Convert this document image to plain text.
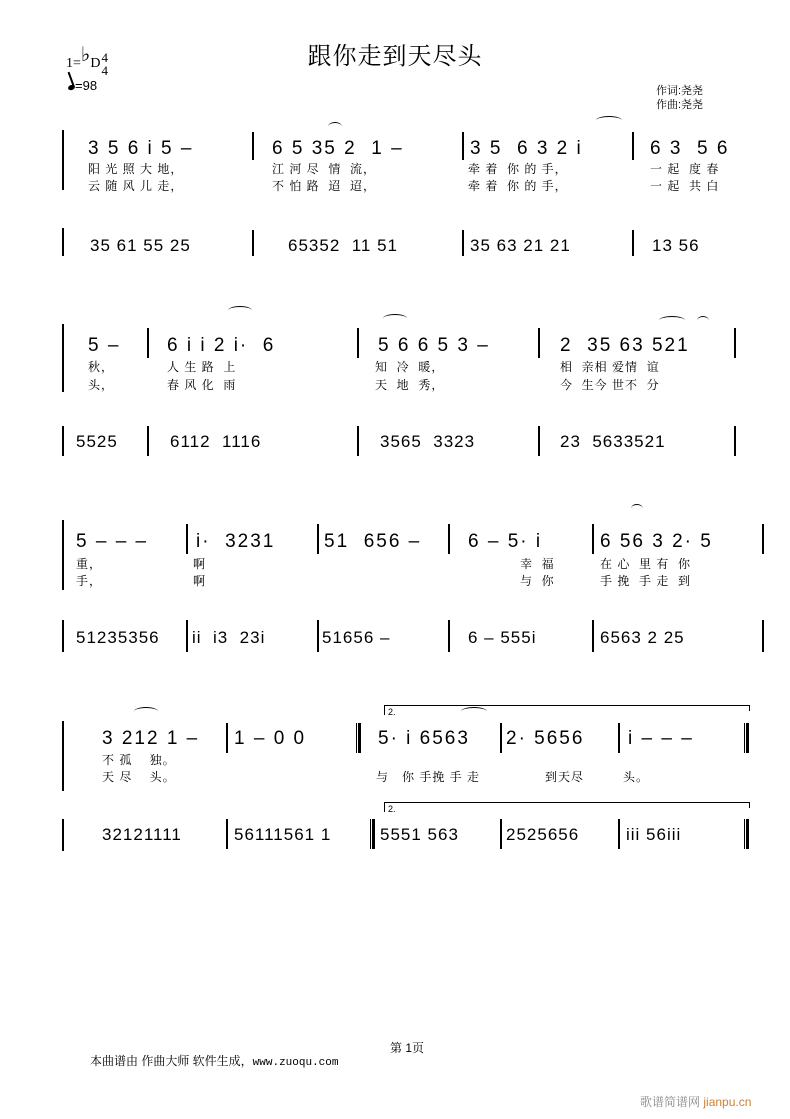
跟你走到天尽头
1=♭D4
4
=98	作词:尧尧
作曲:尧尧
3 5 6 i 5 –	6 5 35 2  1 –	3 5  6 3 2 i	6 3  5 6
阳 光 照 大 地，	江 河 尽  情  流，	牵 着  你 的 手，	一 起  度 春
云 随 风 儿 走，	不 怕 路  迢  迢，	牵 着  你 的 手，	一 起  共 白
35 61 55 25	65352  11 51	35 63 21 21	13 56
5 – 6 i i 2 i·  6	5 6 6 5 3 –	2  35 63 521
秋，	人 生 路  上	知  冷  暖，	相  亲相 爱情  谊
头，	春 风 化  雨	天  地  秀，	今  生今 世不  分
5525	6112  1116	3565  3323	23  5633521
5 – – –	i·  3231	51  656 – 6 – 5· i	6 56 3 2· 5
重，	啊	幸  福	在 心  里 有  你
手，	啊	与  你	手 挽  手 走  到
51235356 ii  i3  23i	51656 –	6 – 555i	6563 2 25
2.
3 212 1 – 1 – 0 0	5· i 6563 2· 5656 i – – –
不 孤    独。
天 尽    头。	与   你 手挽 手 走	到天尽	头。
2.
32121111	56111561 1	5551 563	2525656	iii 56iii
第 1页
本曲谱由 作曲大师 软件生成，www.zuoqu.com
歌谱简谱网 jianpu.cn
